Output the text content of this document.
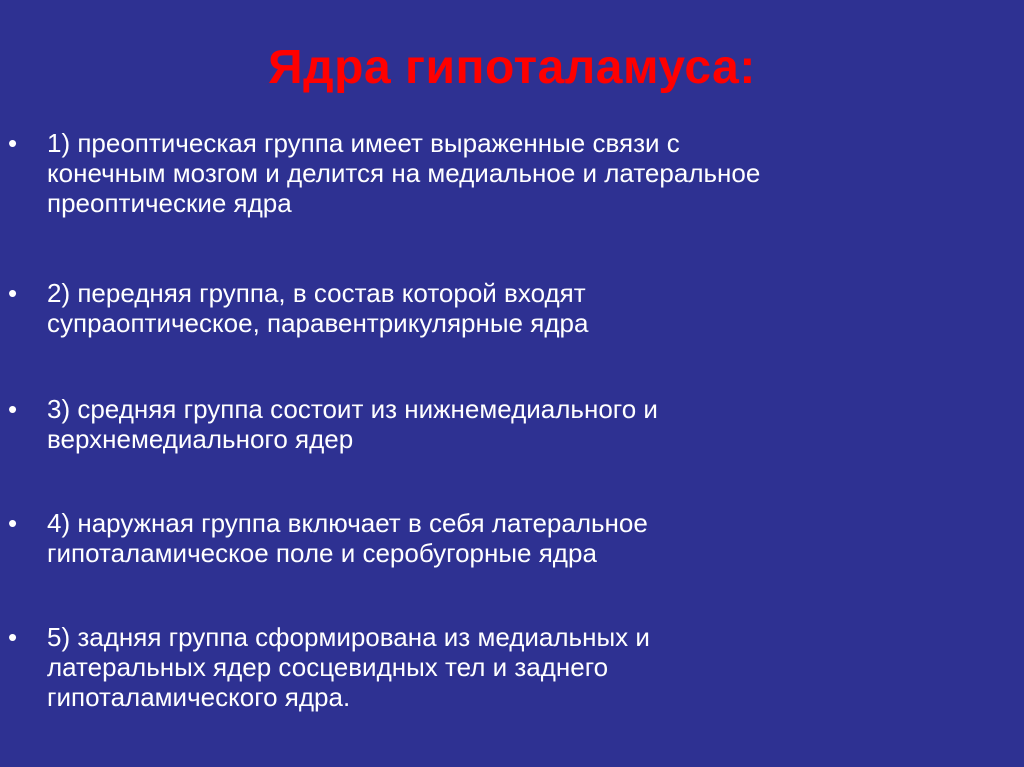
Ядра гипоталамуса:
• 1) преоптическая группа имеет выраженные связи с
конечным мозгом и делится на медиальное и латеральное
преоптические ядра
• 2) передняя группа, в состав которой входят
супраоптическое, паравентрикулярные ядра
• 3) средняя группа состоит из нижнемедиального и
верхнемедиального ядер
• 4) наружная группа включает в себя латеральное
гипоталамическое поле и серобугорные ядра
• 5) задняя группа сформирована из медиальных и
латеральных ядер сосцевидных тел и заднего
гипоталамического ядра.
